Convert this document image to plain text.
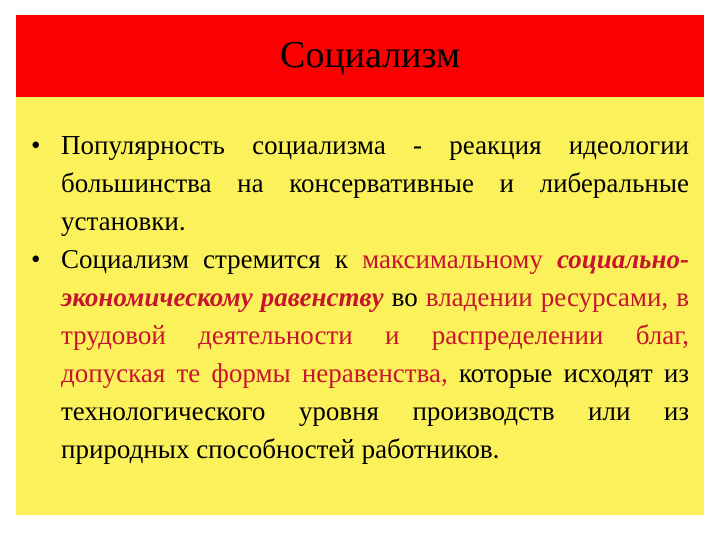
Социализм

• Популярность социализма - реакция идеологии большинства на консервативные и либеральные установки.

• Социализм стремится к максимальному социально-экономическому равенству во владении ресурсами, в трудовой деятельности и распределении благ, допуская те формы неравенства, которые исходят из технологического уровня производств или из природных способностей работников.
